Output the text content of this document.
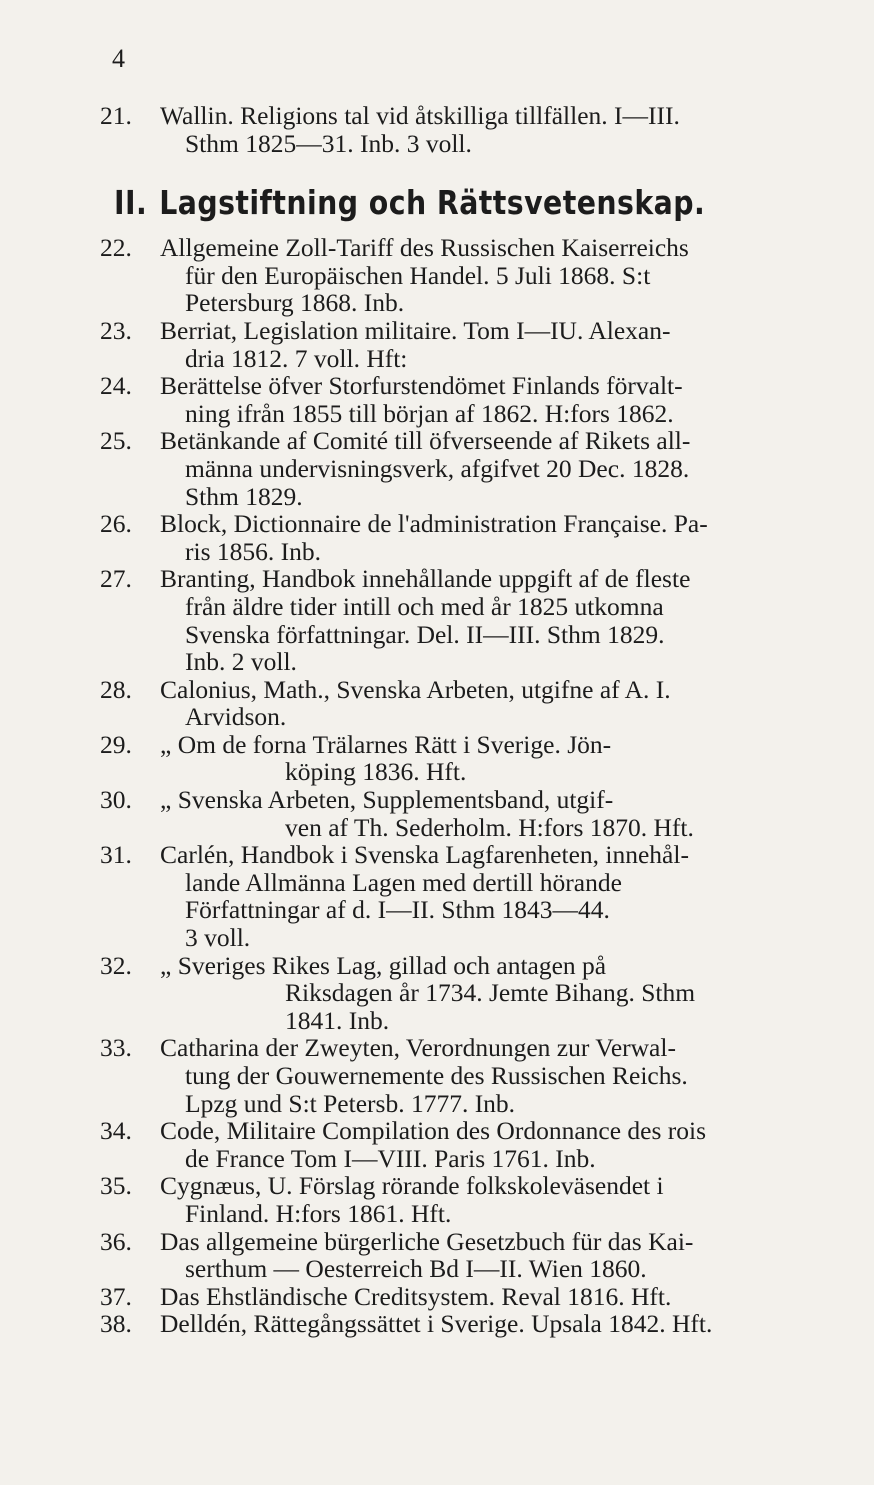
4
21.	Wallin. Religions tal vid åtskilliga tillfällen. I—III.
Sthm 1825—31. Inb. 3 voll.
II. Lagstiftning och Rättsvetenskap.
22.	Allgemeine Zoll-Tariff des Russischen Kaiserreichs
für den Europäischen Handel. 5 Juli 1868. S:t
Petersburg 1868. Inb.
23.	Berriat, Legislation militaire. Tom I—IU. Alexan-
dria 1812. 7 voll. Hft:
24.	Berättelse öfver Storfurstendömet Finlands förvalt-
ning ifrån 1855 till början af 1862. H:fors 1862.
25.	Betänkande af Comité till öfverseende af Rikets all-
männa undervisningsverk, afgifvet 20 Dec. 1828.
Sthm 1829.
26.	Block, Dictionnaire de l'administration Française. Pa-
ris 1856. Inb.
27.	Branting, Handbok innehållande uppgift af de fleste
från äldre tider intill och med år 1825 utkomna
Svenska författningar. Del. II—III. Sthm 1829.
Inb. 2 voll.
28.	Calonius, Math., Svenska Arbeten, utgifne af A. I.
Arvidson.
29.	„ Om de forna Trälarnes Rätt i Sverige. Jön-
köping 1836. Hft.
30.	„ Svenska Arbeten, Supplementsband, utgif-
ven af Th. Sederholm. H:fors 1870. Hft.
31.	Carlén, Handbok i Svenska Lagfarenheten, innehål-
lande Allmänna Lagen med dertill hörande
Författningar af d. I—II. Sthm 1843—44.
3 voll.
32.	„ Sveriges Rikes Lag, gillad och antagen på
Riksdagen år 1734. Jemte Bihang. Sthm
1841. Inb.
33.	Catharina der Zweyten, Verordnungen zur Verwal-
tung der Gouwernemente des Russischen Reichs.
Lpzg und S:t Petersb. 1777. Inb.
34.	Code, Militaire Compilation des Ordonnance des rois
de France Tom I—VIII. Paris 1761. Inb.
35.	Cygnæus, U. Förslag rörande folkskoleväsendet i
Finland. H:fors 1861. Hft.
36.	Das allgemeine bürgerliche Gesetzbuch für das Kai-
serthum — Oesterreich Bd I—II. Wien 1860.
37.	Das Ehstländische Creditsystem. Reval 1816. Hft.
38.	Delldén, Rättegångssättet i Sverige. Upsala 1842. Hft.
